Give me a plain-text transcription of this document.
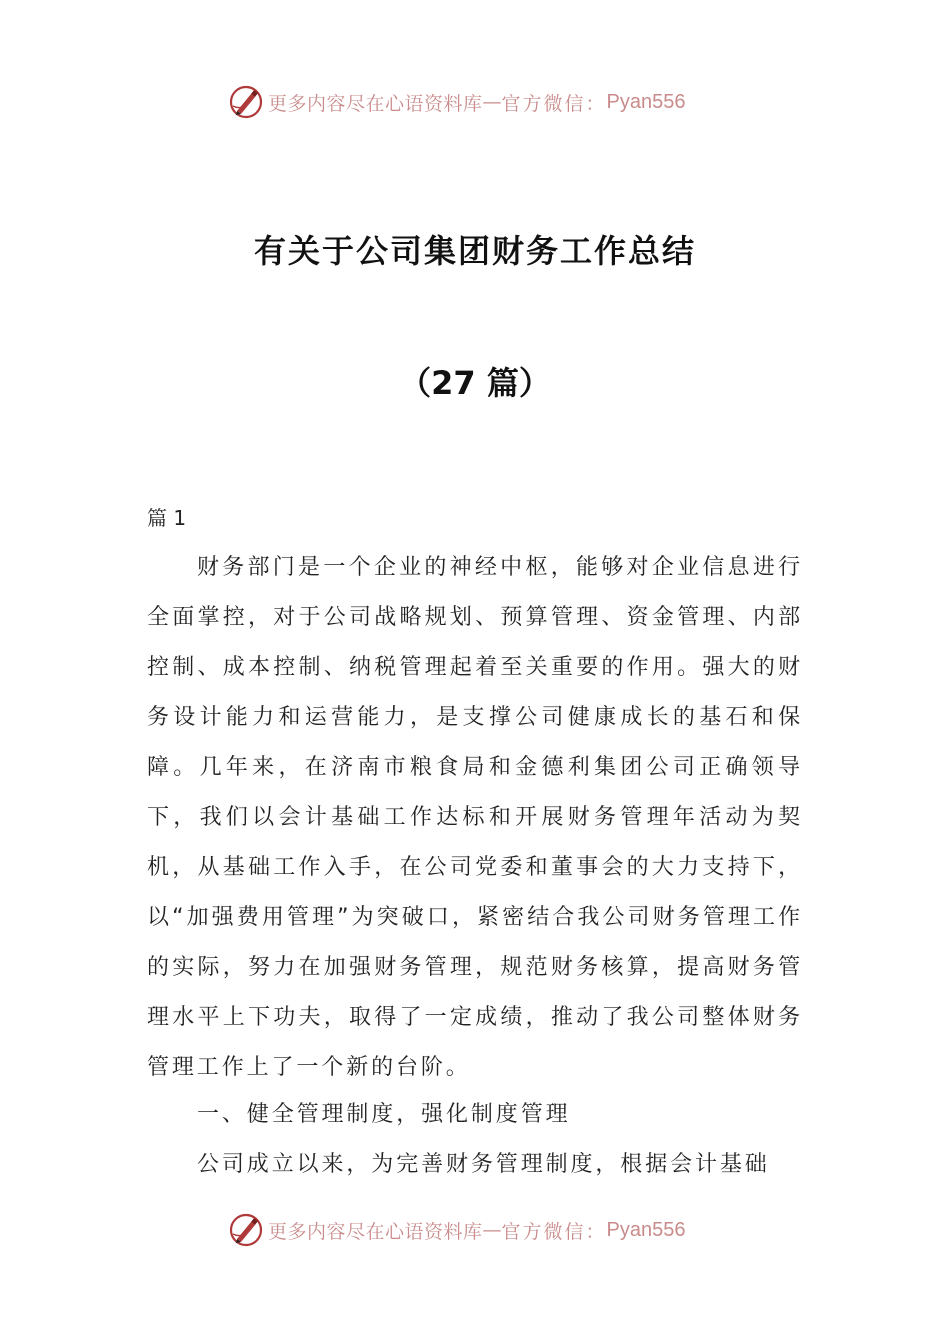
更多内容尽在心语资料库 — 官方微信： Pyan556
有关于公司集团财务工作总结
（27 篇）
篇 1

财务部门是一个企业的神经中枢，能够对企业信息进行全面掌控，对于公司战略规划、预算管理、资金管理、内部控制、成本控制、纳税管理起着至关重要的作用。强大的财务设计能力和运营能力，是支撑公司健康成长的基石和保障。几年来，在济南市粮食局和金德利集团公司正确领导下，我们以会计基础工作达标和开展财务管理年活动为契机，从基础工作入手，在公司党委和董事会的大力支持下，以“加强费用管理”为突破口，紧密结合我公司财务管理工作的实际，努力在加强财务管理，规范财务核算，提高财务管理水平上下功夫，取得了一定成绩，推动了我公司整体财务管理工作上了一个新的台阶。

一、健全管理制度，强化制度管理

公司成立以来，为完善财务管理制度，根据会计基础

更多内容尽在心语资料库 — 官方微信： Pyan556
